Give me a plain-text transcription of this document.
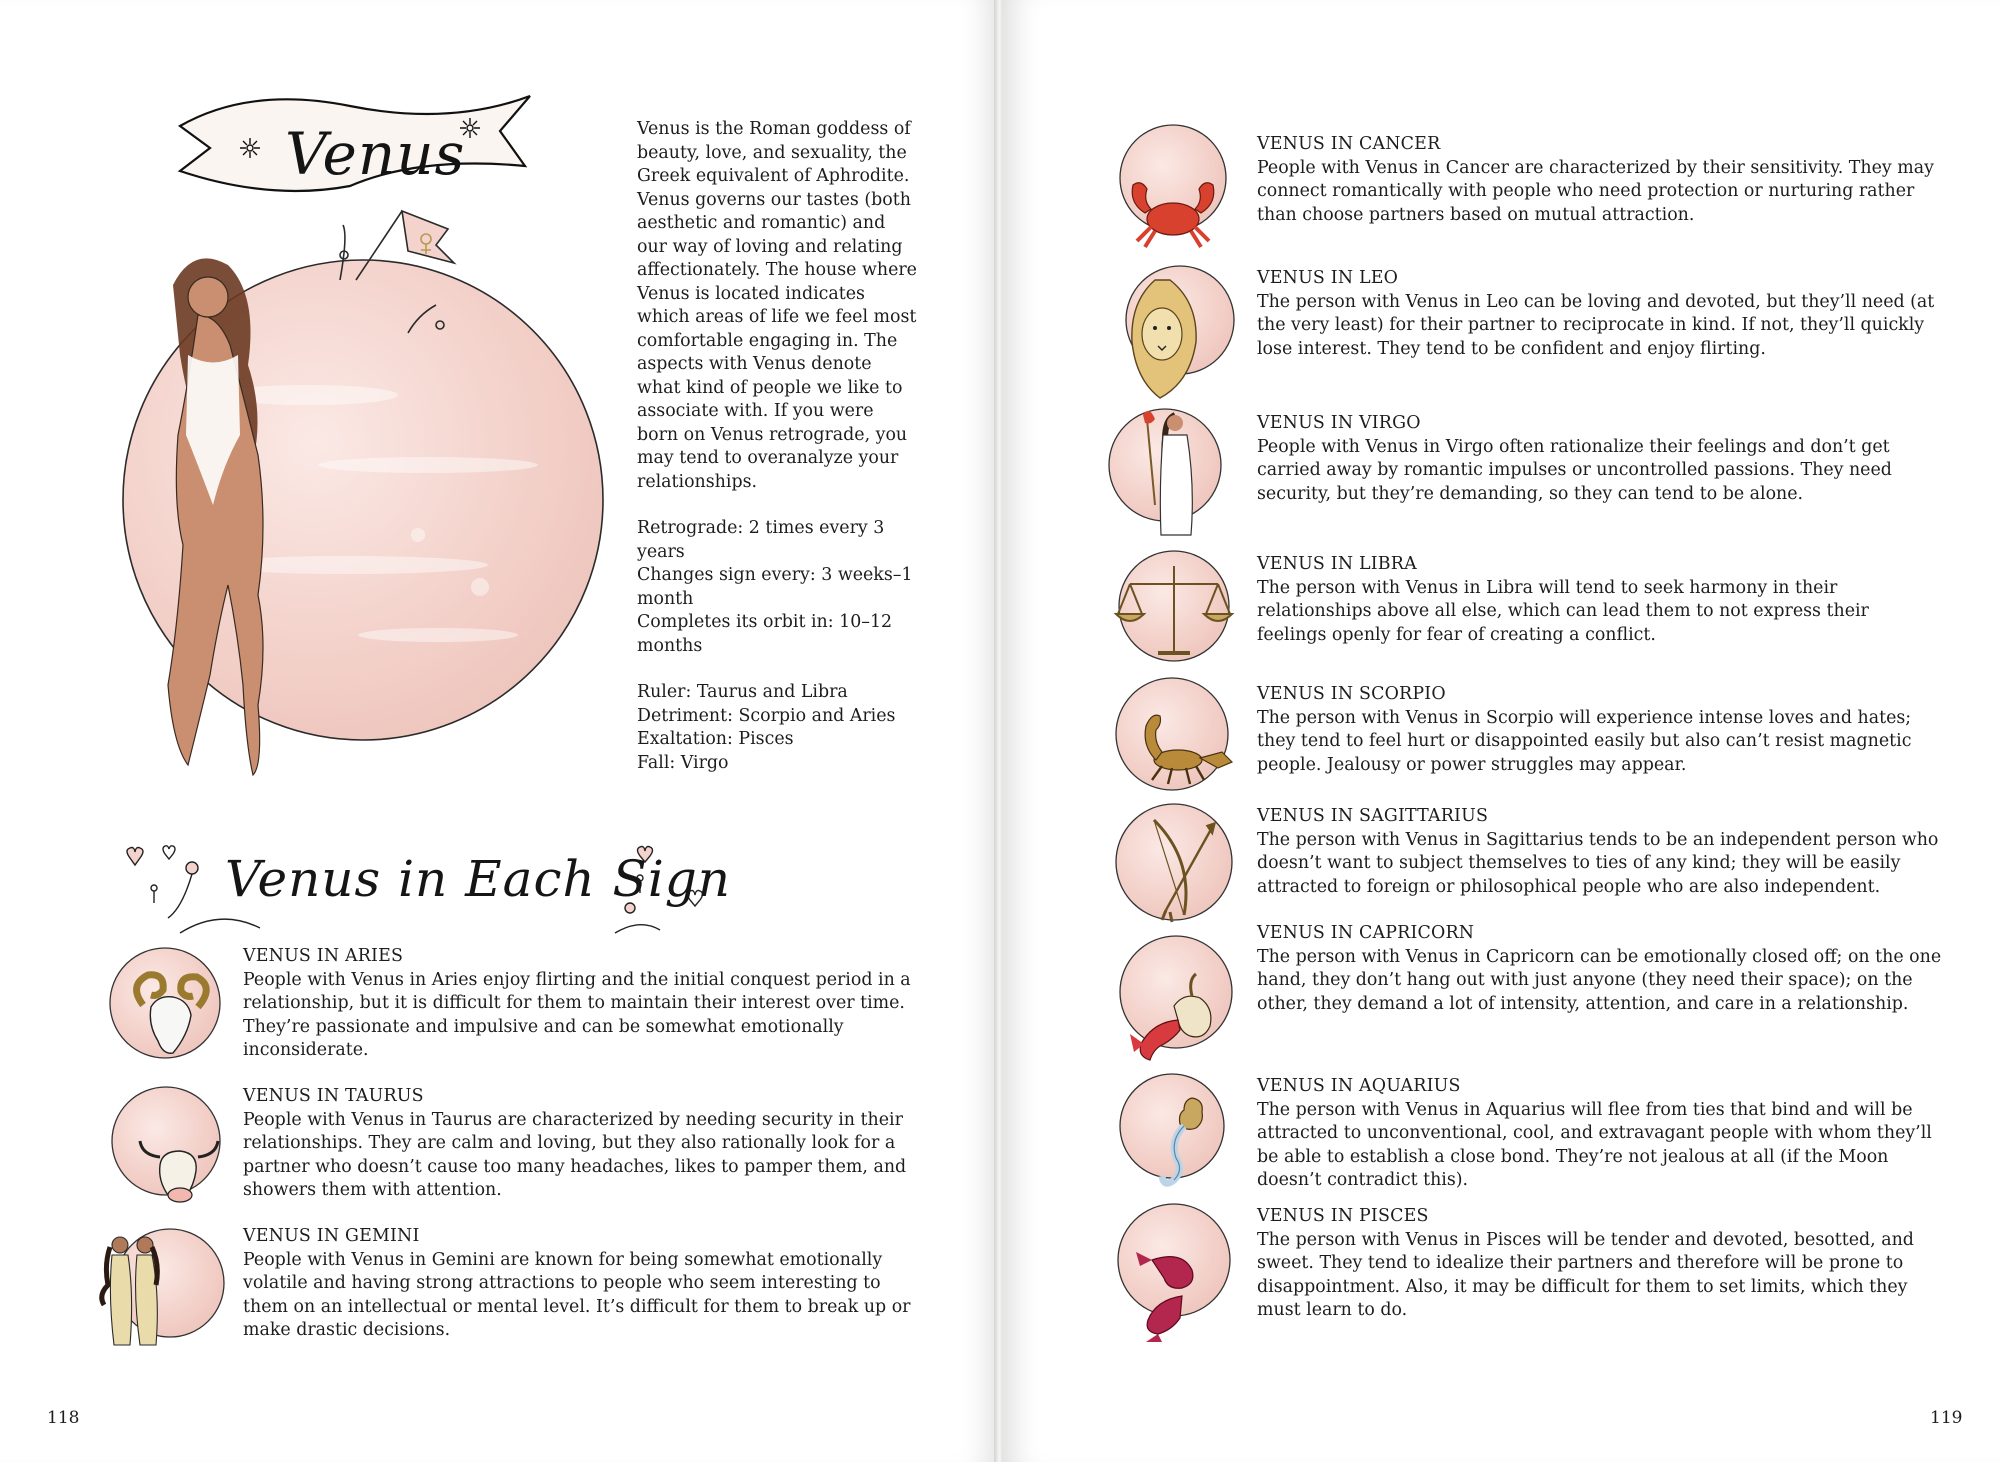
Venus	Venus is the Roman goddess of beauty, love, and sexuality, the Greek equivalent of Aphrodite. Venus governs our tastes (both aesthetic and romantic) and our way of loving and relating affectionately. The house where Venus is located indicates which areas of life we feel most comfortable engaging in. The aspects with Venus denote what kind of people we like to associate with. If you were born on Venus retrograde, you may tend to overanalyze your relationships.

Retrograde: 2 times every 3 years
Changes sign every: 3 weeks–1 month
Completes its orbit in: 10–12 months
Ruler: Taurus and Libra
Detriment: Scorpio and Aries
Exaltation: Pisces
Fall: Virgo
Venus in Each Sign
VENUS IN ARIES

People with Venus in Aries enjoy flirting and the initial conquest period in a relationship, but it is difficult for them to maintain their interest over time. They’re passionate and impulsive and can be somewhat emotionally inconsiderate.

VENUS IN TAURUS

People with Venus in Taurus are characterized by needing security in their relationships. They are calm and loving, but they also rationally look for a partner who doesn’t cause too many headaches, likes to pamper them, and showers them with attention.

VENUS IN GEMINI

People with Venus in Gemini are known for being somewhat emotionally volatile and having strong attractions to people who seem interesting to them on an intellectual or mental level. It’s difficult for them to break up or make drastic decisions.

118
VENUS IN CANCER

People with Venus in Cancer are characterized by their sensitivity. They may connect romantically with people who need protection or nurturing rather than choose partners based on mutual attraction.

VENUS IN LEO

The person with Venus in Leo can be loving and devoted, but they’ll need (at the very least) for their partner to reciprocate in kind. If not, they’ll quickly lose interest. They tend to be confident and enjoy flirting.

VENUS IN VIRGO

People with Venus in Virgo often rationalize their feelings and don’t get carried away by romantic impulses or uncontrolled passions. They need security, but they’re demanding, so they can tend to be alone.

VENUS IN LIBRA

The person with Venus in Libra will tend to seek harmony in their relationships above all else, which can lead them to not express their feelings openly for fear of creating a conflict.

VENUS IN SCORPIO

The person with Venus in Scorpio will experience intense loves and hates; they tend to feel hurt or disappointed easily but also can’t resist magnetic people. Jealousy or power struggles may appear.

VENUS IN SAGITTARIUS

The person with Venus in Sagittarius tends to be an independent person who doesn’t want to subject themselves to ties of any kind; they will be easily attracted to foreign or philosophical people who are also independent.

VENUS IN CAPRICORN

The person with Venus in Capricorn can be emotionally closed off; on the one hand, they don’t hang out with just anyone (they need their space); on the other, they demand a lot of intensity, attention, and care in a relationship.

VENUS IN AQUARIUS

The person with Venus in Aquarius will flee from ties that bind and will be attracted to unconventional, cool, and extravagant people with whom they’ll be able to establish a close bond. They’re not jealous at all (if the Moon doesn’t contradict this).

VENUS IN PISCES

The person with Venus in Pisces will be tender and devoted, besotted, and sweet. They tend to idealize their partners and therefore will be prone to disappointment. Also, it may be difficult for them to set limits, which they must learn to do.

119
